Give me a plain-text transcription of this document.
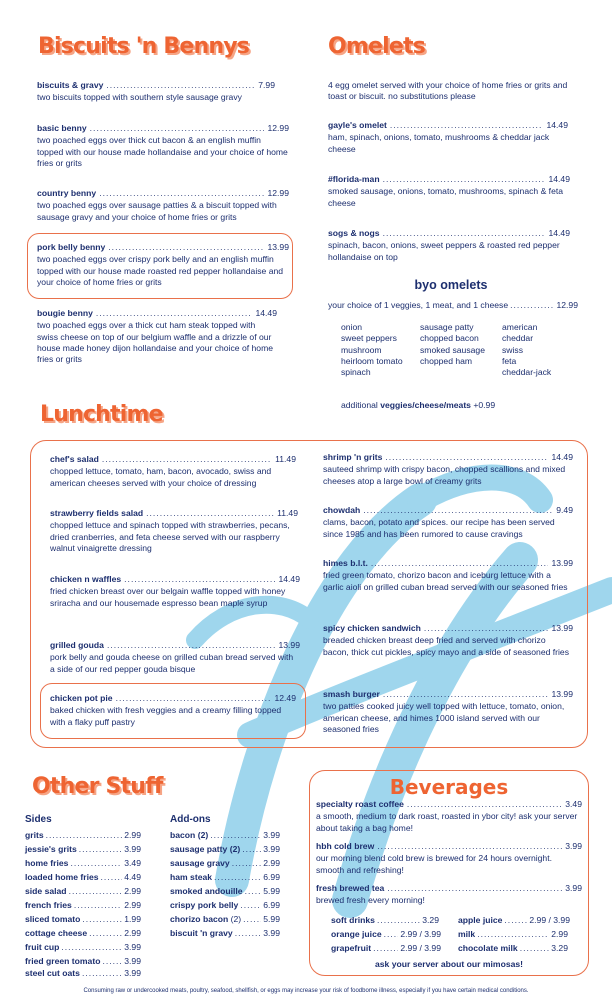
Biscuits 'n Bennys
biscuits & gravy .....	7.99
two biscuits topped with southern style sausage gravy
basic benny .....	12.99
two poached eggs over thick cut bacon & an english muffin topped with our house made hollandaise and your choice of home fries or grits
country benny .....	12.99
two poached eggs over sausage patties & a biscuit topped with sausage gravy and your choice of home fries or grits
pork belly benny .....	13.99
two poached eggs over crispy pork belly and an english muffin topped with our house made roasted red pepper hollandaise and your choice of home fries or grits
bougie benny .....	14.49
two poached eggs over a thick cut ham steak topped with swiss cheese on top of our belgium waffle and a drizzle of our house made honey dijon hollandaise and your choice of home fries or grits
Omelets
4 egg omelet served with your choice of home fries or grits and toast or biscuit. no substitutions please
gayle's omelet .....	14.49
ham, spinach, onions, tomato, mushrooms & cheddar jack cheese
#florida-man .....	14.49
smoked sausage, onions, tomato, mushrooms, spinach & feta cheese
sogs & nogs .....	14.49
spinach, bacon, onions, sweet peppers & roasted red pepper hollandaise on top
byo omelets
your choice of 1 veggies, 1 meat, and 1 cheese .....	12.99
onion
sweet peppers
mushroom
heirloom tomato
spinach
sausage patty
chopped bacon
smoked sausage
chopped ham
american
cheddar
swiss
feta
cheddar-jack
additional veggies/cheese/meats +0.99
Lunchtime
chef's salad .....	11.49
chopped lettuce, tomato, ham, bacon, avocado, swiss and american cheeses served with your choice of dressing
strawberry fields salad .....	11.49
chopped lettuce and spinach topped with strawberries, pecans, dried cranberries, and feta cheese served with our raspberry walnut vinaigrette dressing
chicken n waffles .....	14.49
fried chicken breast over our belgain waffle topped with honey sriracha and our housemade espresso bean maple syrup
grilled gouda .....	13.99
pork belly and gouda cheese on grilled cuban bread served with a side of our red pepper gouda bisque
chicken pot pie .....	12.49
baked chicken with fresh veggies and a creamy filling topped with a flaky puff pastry
shrimp 'n grits .....	14.49
sauteed shrimp with crispy bacon, chopped scallions and mixed cheeses atop a large bowl of creamy grits
chowdah .....	9.49
clams, bacon, potato and spices. our recipe has been served since 1985 and has been rumored to cause cravings
himes b.l.t. .....	13.99
fried green tomato, chorizo bacon and iceburg lettuce with a garlic aioli on grilled cuban bread served with our seasoned fries
spicy chicken sandwich .....	13.99
breaded chicken breast deep fried and served with chorizo bacon, thick cut pickles, spicy mayo and a side of seasoned fries
smash burger .....	13.99
two patties cooked juicy well topped with lettuce, tomato, onion, american cheese, and himes 1000 island served with our seasoned fries
Other Stuff
Sides
grits .....	2.99
jessie's grits .....	3.99
home fries .....	3.49
loaded home fries .....	4.49
side salad .....	2.99
french fries .....	2.99
sliced tomato .....	1.99
cottage cheese .....	2.99
fruit cup .....	3.99
fried green tomato .....	3.99
steel cut oats .....	3.99
Add-ons
bacon
(2) .....	3.99
sausage patty
(2) .....	3.99
sausage gravy .....	2.99
ham steak .....	6.99
smoked andouille ..... 5.99
crispy pork belly .....	6.99
chorizo bacon
(2) .....	5.99
biscuit 'n gravy .....	3.99
Beverages
specialty roast coffee .....	3.49
a smooth, medium to dark roast, roasted in ybor city! ask your server about taking a bag home!
hbh cold brew .....	3.99
our morning blend cold brew is brewed for 24 hours overnight. smooth and refreshing!
fresh brewed tea .....	3.99
brewed fresh every morning!
soft drinks .....	3.29
orange juice ..... 2.99 / 3.99
grapefruit .....	2.99 / 3.99
apple juice .....	2.99 / 3.99
milk .....	2.99
chocolate milk .....	3.29
ask your server about our mimosas!
Consuming raw or undercooked meats, poultry, seafood, shellfish, or eggs may increase your risk of foodborne illness, especially if you have certain medical conditions.
